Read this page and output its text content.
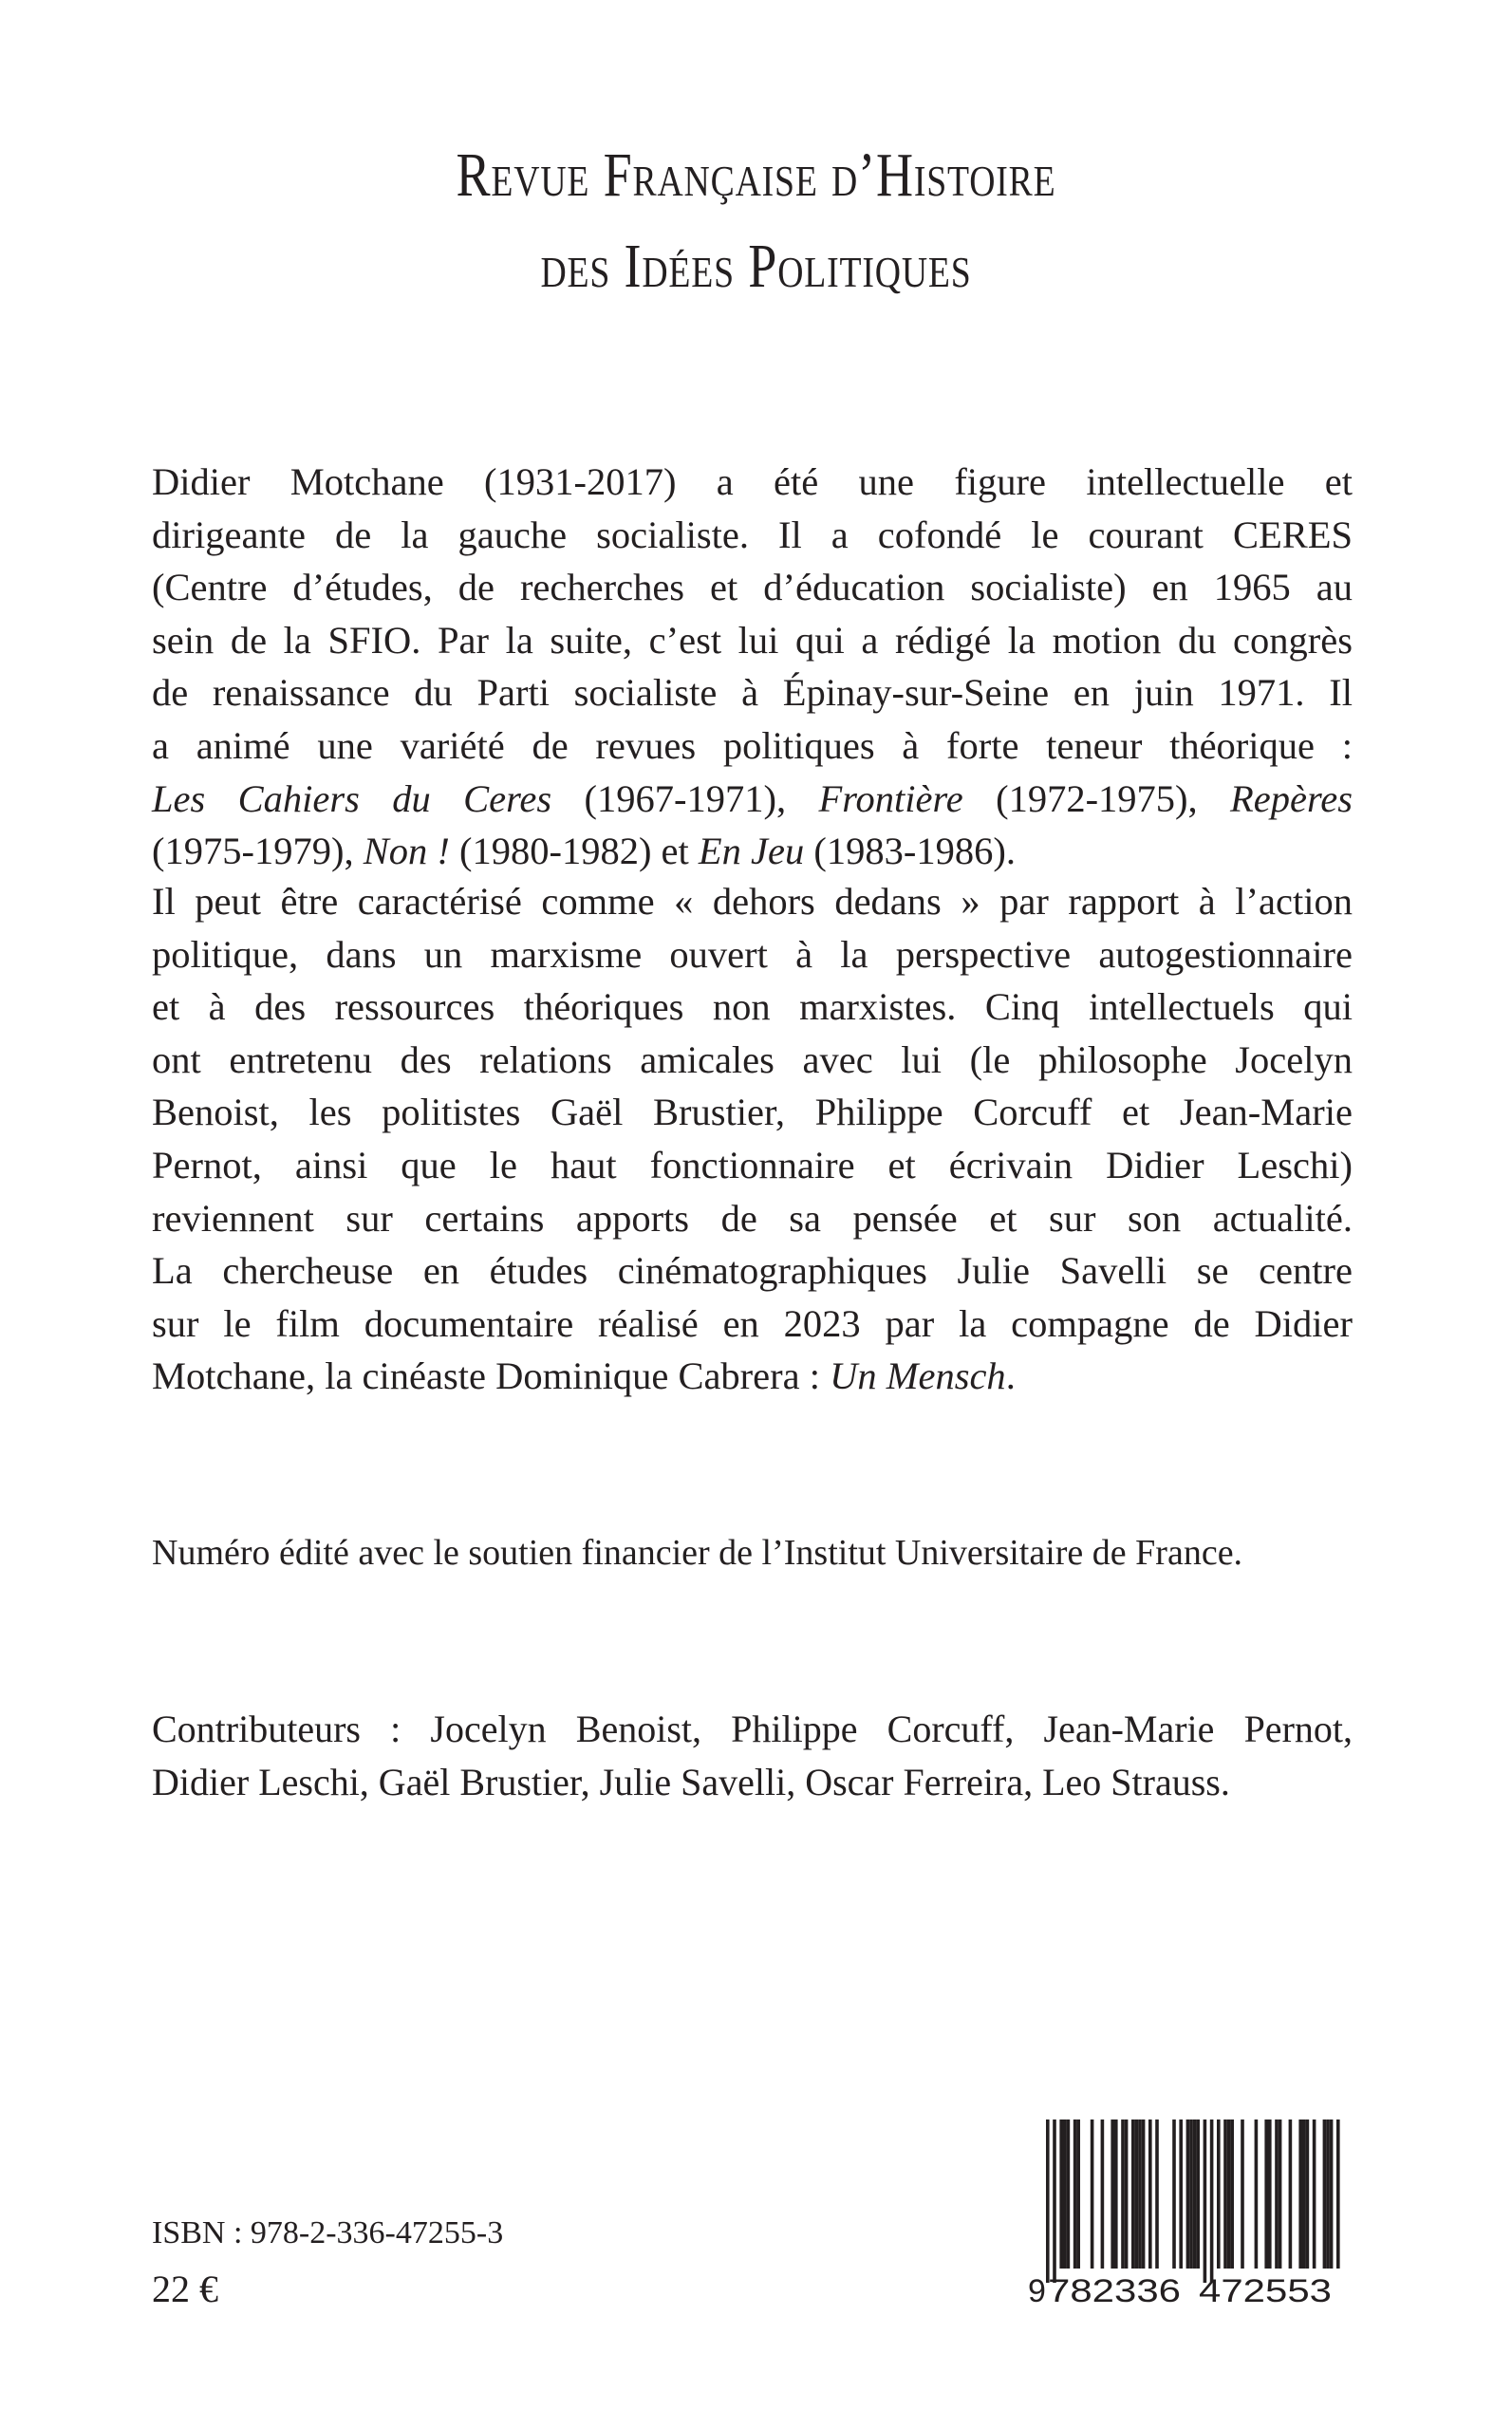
Revue Française d’Histoire
des Idées Politiques
Didier Motchane (1931-2017) a été une figure intellectuelle et
dirigeante de la gauche socialiste. Il a cofondé le courant CERES
(Centre d’études, de recherches et d’éducation socialiste) en 1965 au
sein de la SFIO. Par la suite, c’est lui qui a rédigé la motion du congrès
de renaissance du Parti socialiste à Épinay-sur-Seine en juin 1971. Il
a animé une variété de revues politiques à forte teneur théorique :
Les Cahiers du Ceres (1967-1971), Frontière (1972-1975), Repères
(1975-1979), Non ! (1980-1982) et En Jeu (1983-1986).
Il peut être caractérisé comme « dehors dedans » par rapport à l’action
politique, dans un marxisme ouvert à la perspective autogestionnaire
et à des ressources théoriques non marxistes. Cinq intellectuels qui
ont entretenu des relations amicales avec lui (le philosophe Jocelyn
Benoist, les politistes Gaël Brustier, Philippe Corcuff et Jean-Marie
Pernot, ainsi que le haut fonctionnaire et écrivain Didier Leschi)
reviennent sur certains apports de sa pensée et sur son actualité.
La chercheuse en études cinématographiques Julie Savelli se centre
sur le film documentaire réalisé en 2023 par la compagne de Didier
Motchane, la cinéaste Dominique Cabrera : Un Mensch.
Numéro édité avec le soutien financier de l’Institut Universitaire de France.
Contributeurs : Jocelyn Benoist, Philippe Corcuff, Jean-Marie Pernot,
Didier Leschi, Gaël Brustier, Julie Savelli, Oscar Ferreira, Leo Strauss.
ISBN : 978-2-336-47255-3
22 €	9 782336 472553
